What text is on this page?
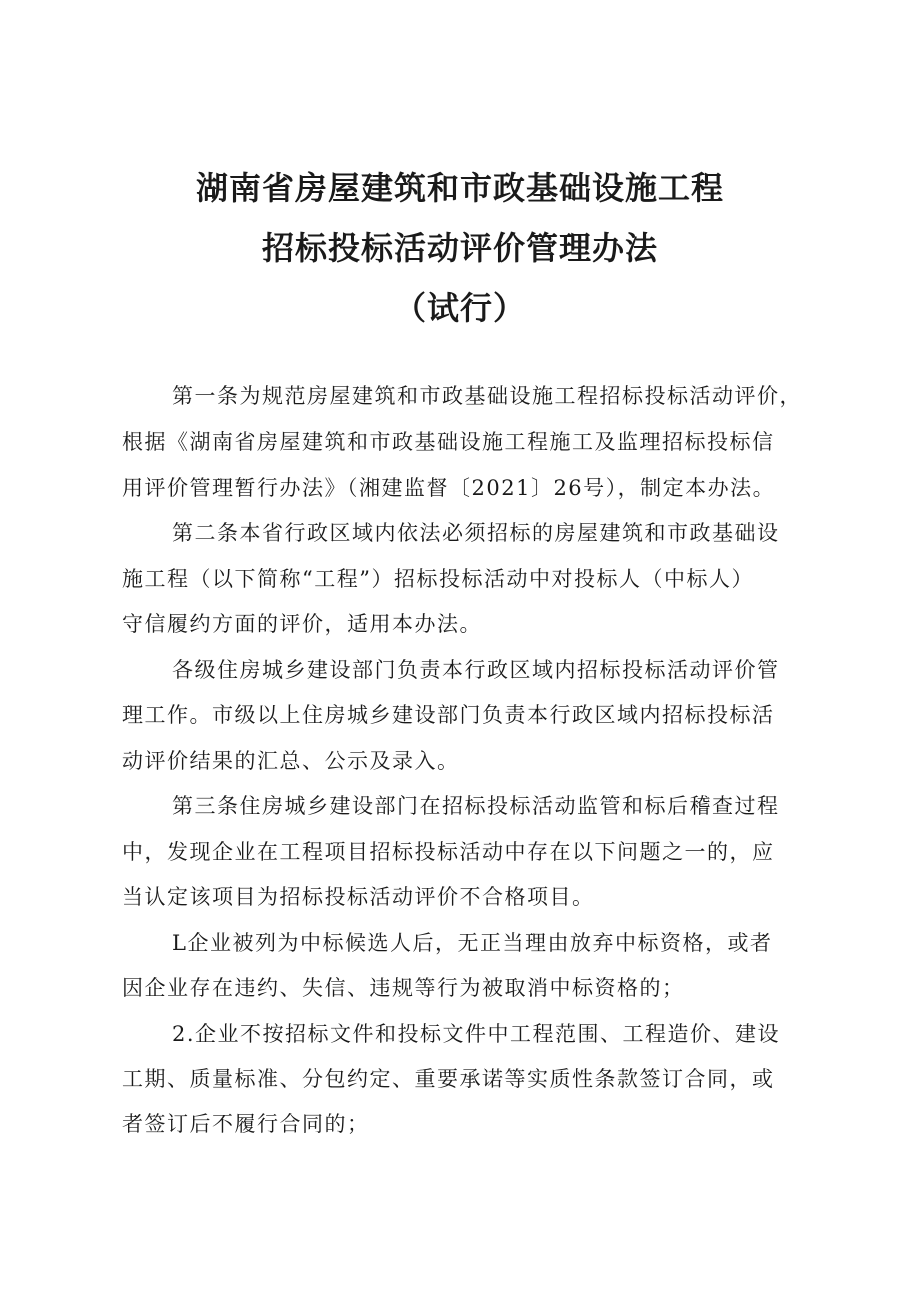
湖南省房屋建筑和市政基础设施工程
招标投标活动评价管理办法
（试行）
第一条为规范房屋建筑和市政基础设施工程招标投标活动评价，
根据《湖南省房屋建筑和市政基础设施工程施工及监理招标投标信
用评价管理暂行办法》（湘建监督〔2021〕26号），制定本办法。
第二条本省行政区域内依法必须招标的房屋建筑和市政基础设
施工程（以下简称“工程”）招标投标活动中对投标人（中标人）
守信履约方面的评价，适用本办法。
各级住房城乡建设部门负责本行政区域内招标投标活动评价管
理工作。市级以上住房城乡建设部门负责本行政区域内招标投标活
动评价结果的汇总、公示及录入。
第三条住房城乡建设部门在招标投标活动监管和标后稽查过程
中，发现企业在工程项目招标投标活动中存在以下问题之一的，应
当认定该项目为招标投标活动评价不合格项目。
L企业被列为中标候选人后，无正当理由放弃中标资格，或者
因企业存在违约、失信、违规等行为被取消中标资格的；
2.企业不按招标文件和投标文件中工程范围、工程造价、建设
工期、质量标准、分包约定、重要承诺等实质性条款签订合同，或
者签订后不履行合同的；
